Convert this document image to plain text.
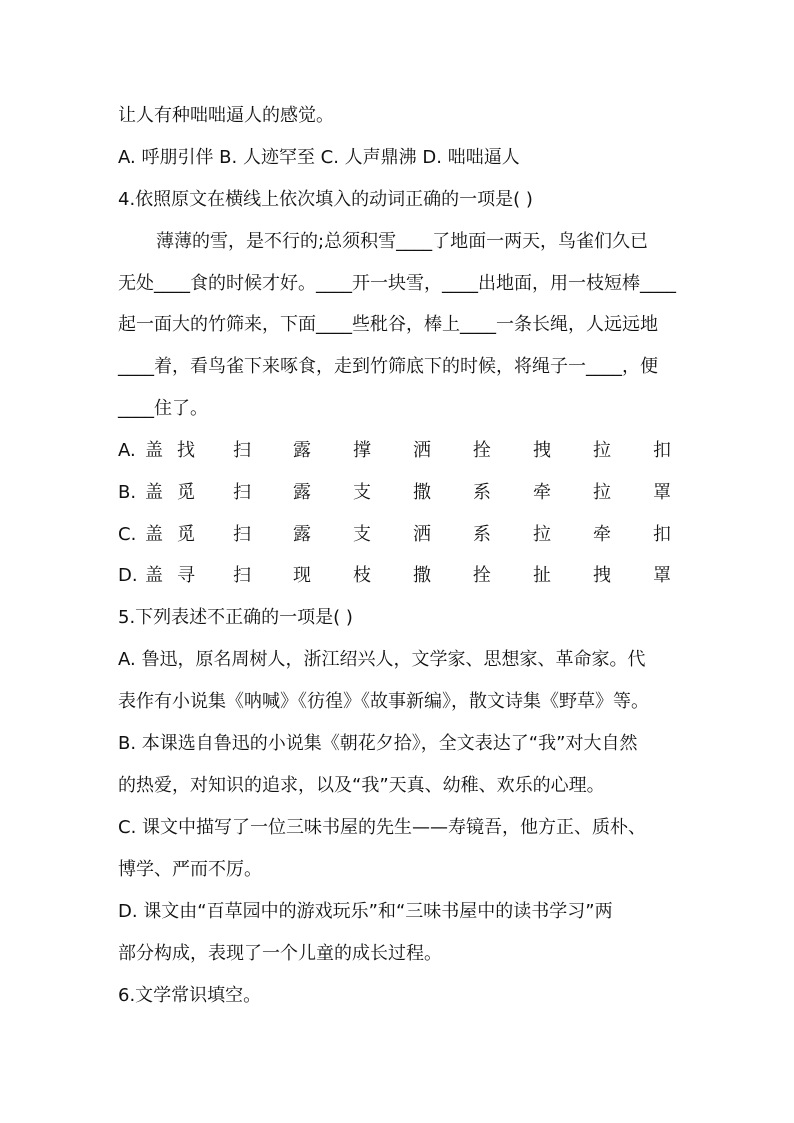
让人有种咄咄逼人的感觉。
A. 呼朋引伴 B. 人迹罕至 C. 人声鼎沸 D. 咄咄逼人
4.依照原文在横线上依次填入的动词正确的一项是( )
薄薄的雪，是不行的;总须积雪____了地面一两天，鸟雀们久已
无处____食的时候才好。____开一块雪，____出地面，用一枝短棒____
起一面大的竹筛来，下面____些秕谷，棒上____一条长绳，人远远地
____着，看鸟雀下来啄食，走到竹筛底下的时候，将绳子一____，便
____住了。
A. 盖 找 扫 露 撑 洒 拴 拽 拉 扣
B. 盖 觅 扫 露 支 撒 系 牵 拉 罩
C. 盖 觅 扫 露 支 洒 系 拉 牵 扣
D. 盖 寻 扫 现 枝 撒 拴 扯 拽 罩
5.下列表述不正确的一项是( )
A. 鲁迅，原名周树人，浙江绍兴人，文学家、思想家、革命家。代
表作有小说集《呐喊》《彷徨》《故事新编》，散文诗集《野草》等。
B. 本课选自鲁迅的小说集《朝花夕拾》，全文表达了“我”对大自然
的热爱，对知识的追求，以及“我”天真、幼稚、欢乐的心理。
C. 课文中描写了一位三味书屋的先生——寿镜吾，他方正、质朴、
博学、严而不厉。
D. 课文由“百草园中的游戏玩乐”和“三味书屋中的读书学习”两
部分构成，表现了一个儿童的成长过程。
6.文学常识填空。
